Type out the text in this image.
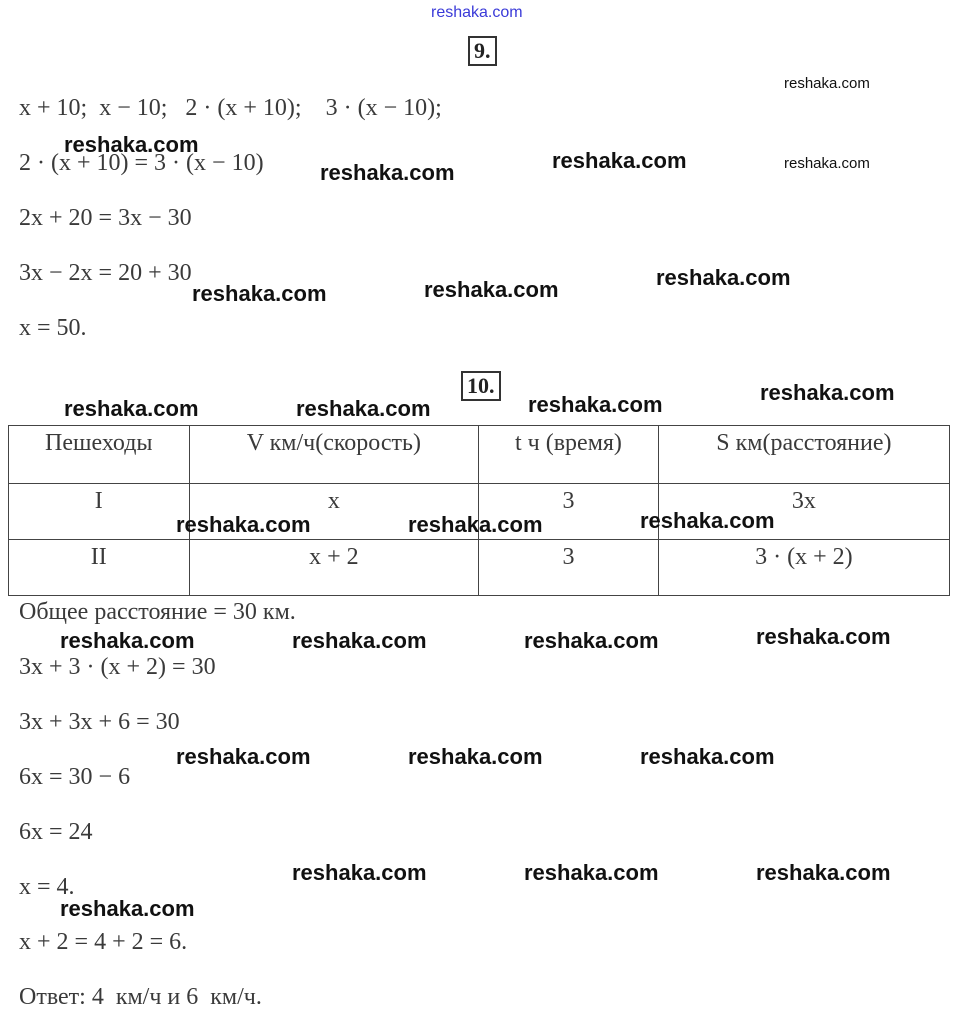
reshaka.com
9.
x + 10;  x − 10;   2 · (x + 10);    3 · (x − 10);
2 · (x + 10) = 3 · (x − 10)
2x + 20 = 3x − 30
3x − 2x = 20 + 30
x = 50.
10.
Пешеходы	V км/ч(скорость)	t ч (время)	S км(расстояние)
I	x	3	3x
II	x + 2	3	3 · (x + 2)
Общее расстояние = 30 км.
3x + 3 · (x + 2) = 30
3x + 3x + 6 = 30
6x = 30 − 6
6x = 24
x = 4.
x + 2 = 4 + 2 = 6.
Ответ: 4  км/ч и 6  км/ч.
reshaka.com
reshaka.com
reshaka.com	reshaka.com	reshaka.com
reshaka.com	reshaka.com	reshaka.com
reshaka.com	reshaka.com	reshaka.com	reshaka.com
reshaka.com	reshaka.com	reshaka.com
reshaka.com	reshaka.com	reshaka.com	reshaka.com
reshaka.com	reshaka.com	reshaka.com
reshaka.com	reshaka.com	reshaka.com
reshaka.com
